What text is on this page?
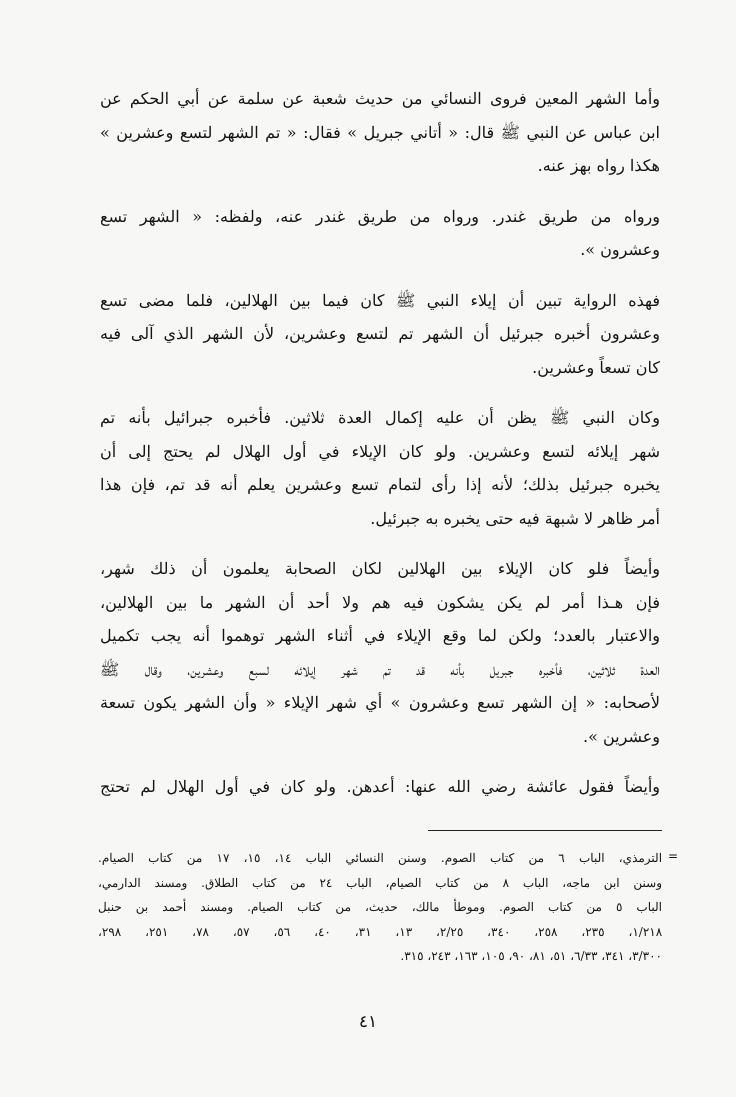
وأما الشهر المعين فروى النسائي من حديث شعبة عن سلمة عن أبي الحكم عن
ابن عباس عن النبي ﷺ قال: « أتاني جبريل » فقال: « تم الشهر لتسع وعشرين »
هكذا رواه بهز عنه.
ورواه من طريق غندر. ورواه من طريق غندر عنه، ولفظه: « الشهر تسع
وعشرون ».
فهذه الرواية تبين أن إيلاء النبي ﷺ كان فيما بين الهلالين، فلما مضى تسع
وعشرون أخبره جبرئيل أن الشهر تم لتسع وعشرين، لأن الشهر الذي آلى فيه
كان تسعاً وعشرين.
وكان النبي ﷺ يظن أن عليه إكمال العدة ثلاثين. فأخبره جبرائيل بأنه تم
شهر إيلائه لتسع وعشرين. ولو كان الإيلاء في أول الهلال لم يحتج إلى أن
يخبره جبرئيل بذلك؛ لأنه إذا رأى لتمام تسع وعشرين يعلم أنه قد تم، فإن هذا
أمر ظاهر لا شبهة فيه حتى يخبره به جبرئيل.
وأيضاً فلو كان الإيلاء بين الهلالين لكان الصحابة يعلمون أن ذلك شهر،
فإن هـذا أمر لم يكن يشكون فيه هم ولا أحد أن الشهر ما بين الهلالين،
والاعتبار بالعدد؛ ولكن لما وقع الإيلاء في أثناء الشهر توهموا أنه يجب تكميل
العدة ثلاثين، فأخبره جبريل بأنه قد تم شهر إيلائه لسبع وعشرين، وقال ﷺ
لأصحابه: « إن الشهر تسع وعشرون » أي شهر الإيلاء « وأن الشهر يكون تسعة
وعشرين ».
وأيضاً فقول عائشة رضي الله عنها: أعدهن. ولو كان في أول الهلال لم تحتج
=
الترمذي، الباب ٦ من كتاب الصوم. وسنن النسائي الباب ١٤، ١٥، ١٧ من كتاب الصيام.
وسنن ابن ماجه، الباب ٨ من كتاب الصيام، الباب ٢٤ من كتاب الطلاق. ومسند الدارمي،
الباب ٥ من كتاب الصوم. وموطأ مالك، حديث، من كتاب الصيام. ومسند أحمد بن حنبل
١/٢١٨، ٢٣٥، ٢٥٨، ٣٤٠، ٢/٢٥، ١٣، ٣١، ٤٠، ٥٦، ٥٧، ٧٨، ٢٥١، ٢٩٨،
٣/٣٠٠، ٣٤١، ٦/٣٣، ٥١، ٨١، ٩٠، ١٠٥، ١٦٣، ٢٤٣، ٣١٥.
٤١
